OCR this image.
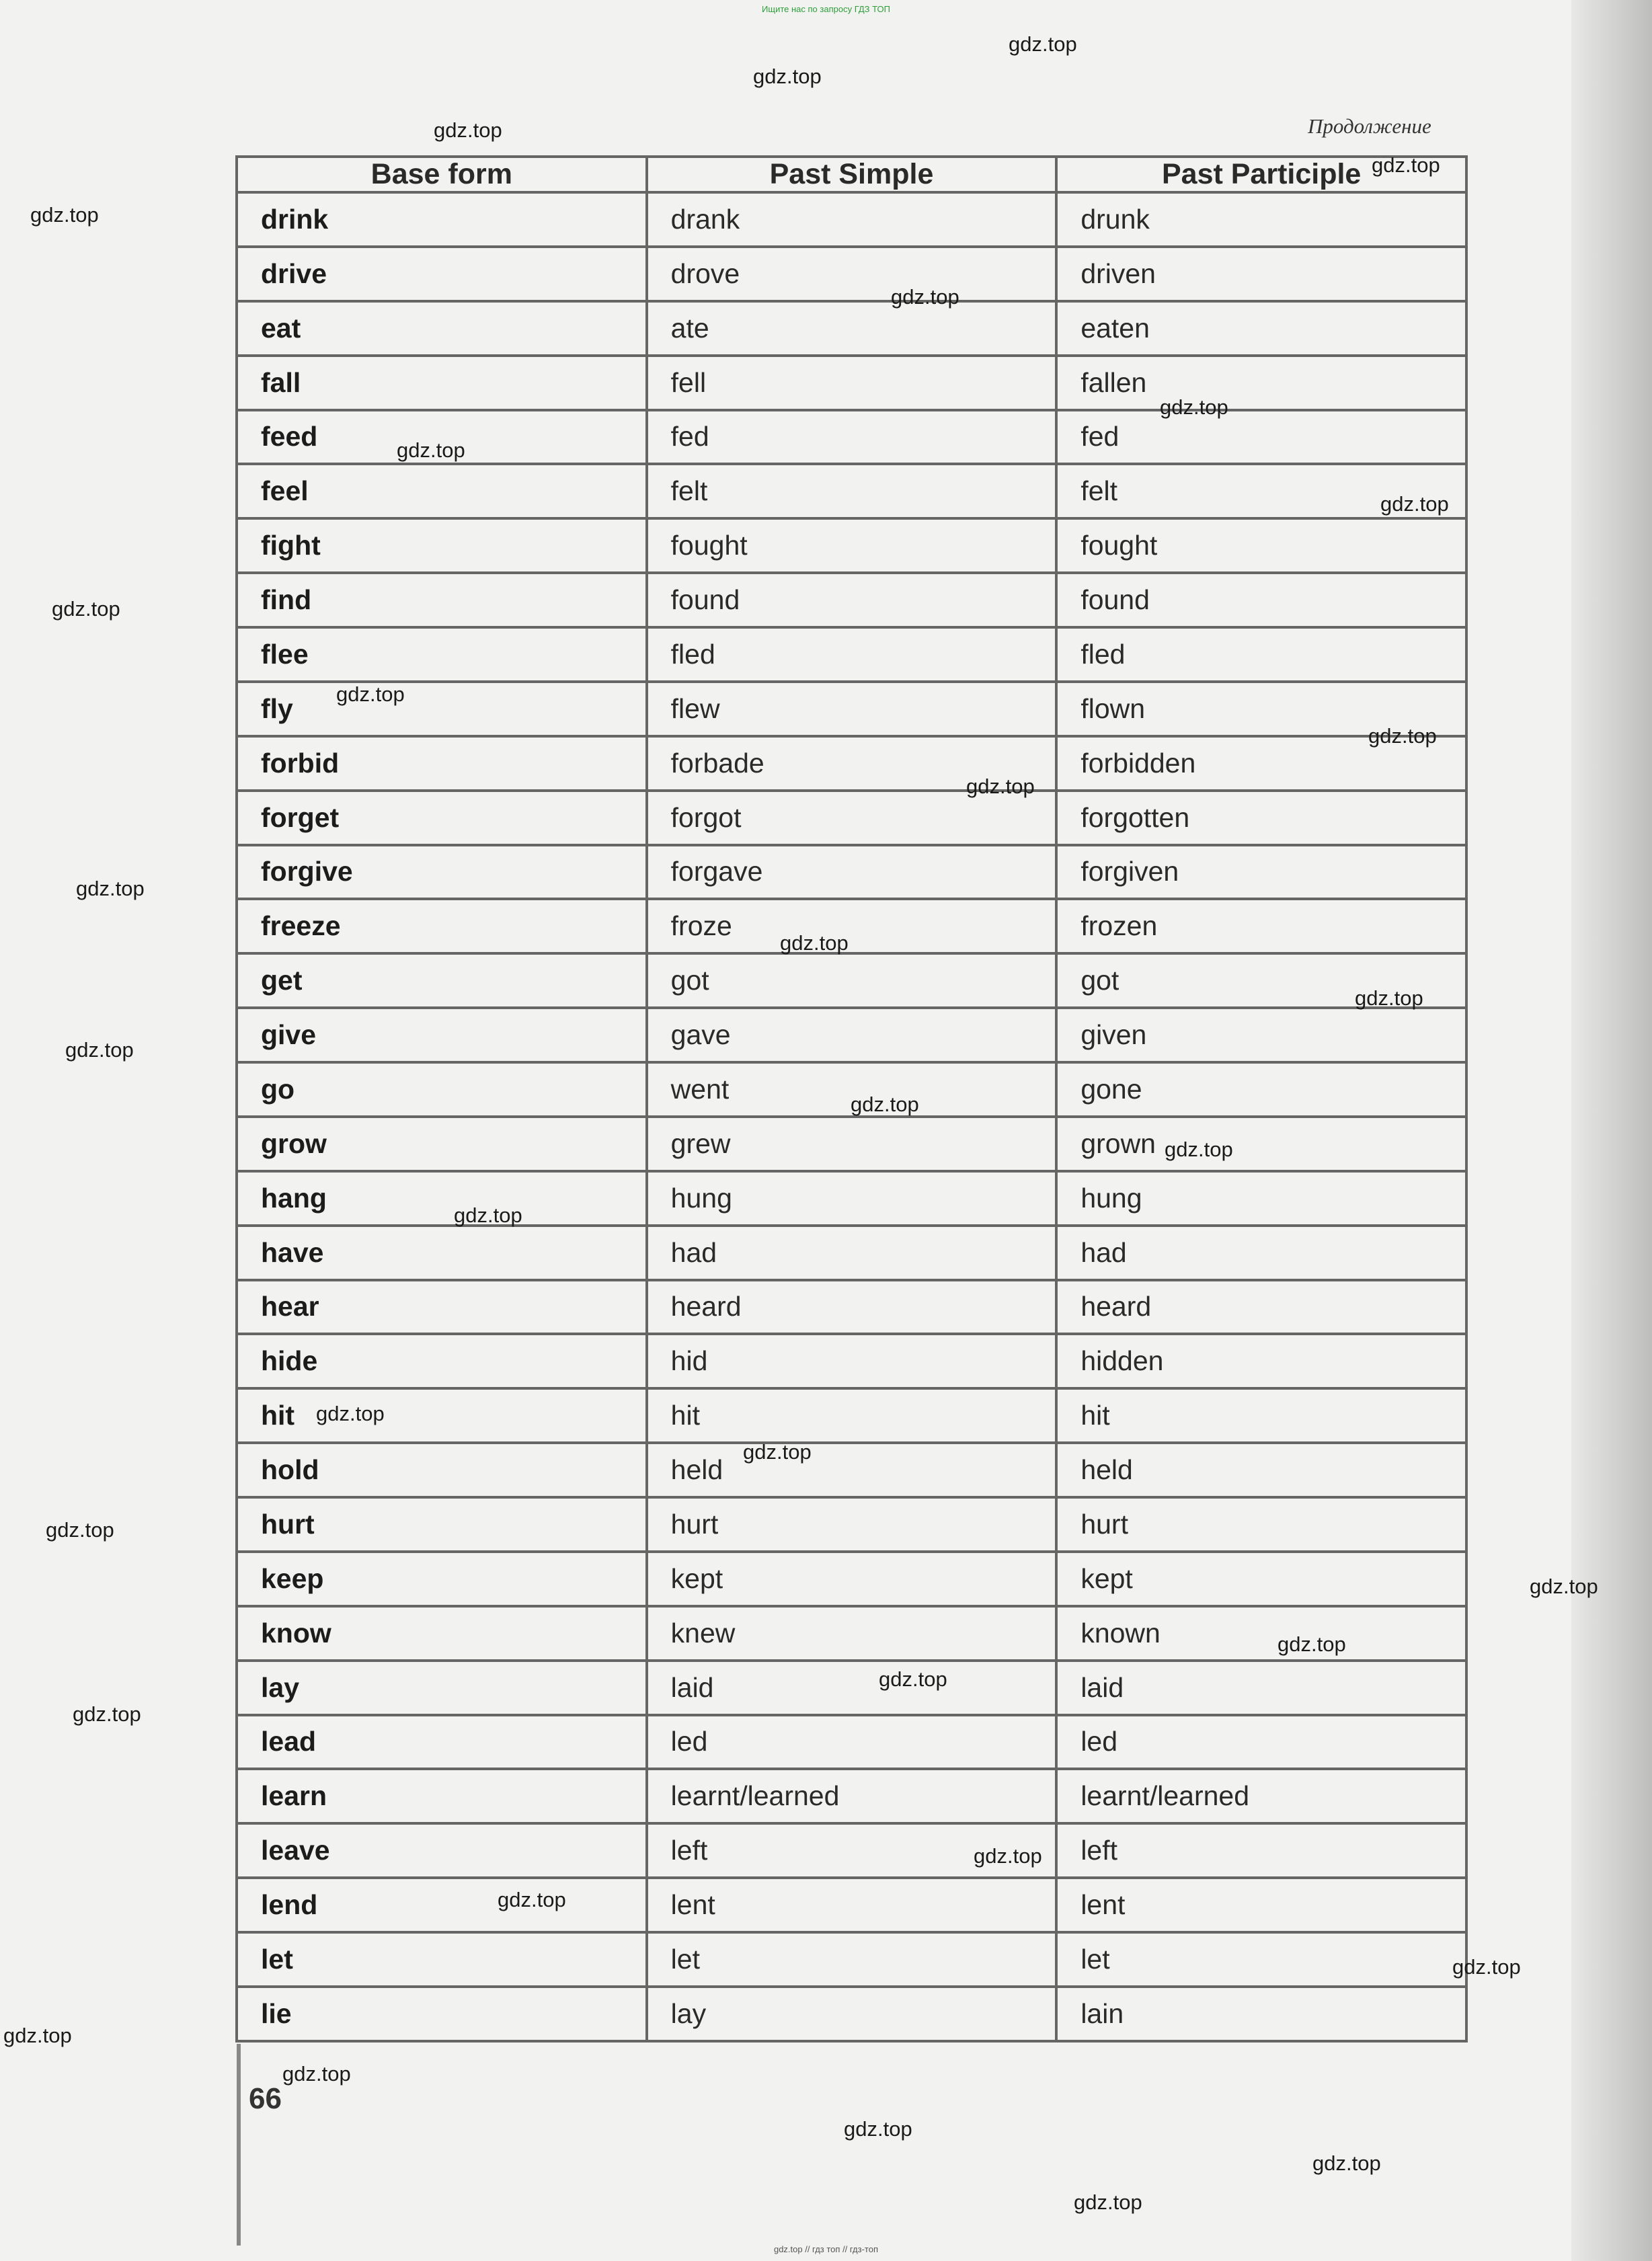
Ищите нас по запросу ГДЗ ТОП
Продолжение
Base form	Past Simple	Past Participle
drink	drank	drunk
drive	drove	driven
eat	ate	eaten
fall	fell	fallen
feed	fed	fed
feel	felt	felt
fight	fought	fought
find	found	found
flee	fled	fled
fly	flew	flown
forbid	forbade	forbidden
forget	forgot	forgotten
forgive	forgave	forgiven
freeze	froze	frozen
get	got	got
give	gave	given
go	went	gone
grow	grew	grown
hang	hung	hung
have	had	had
hear	heard	heard
hide	hid	hidden
hit	hit	hit
hold	held	held
hurt	hurt	hurt
keep	kept	kept
know	knew	known
lay	laid	laid
lead	led	led
learn	learnt/learned	learnt/learned
leave	left	left
lend	lent	lent
let	let	let
lie	lay	lain
66
gdz.top
gdz.top
gdz.top
gdz.top
gdz.top
gdz.top
gdz.top
gdz.top
gdz.top
gdz.top
gdz.top
gdz.top
gdz.top
gdz.top
gdz.top
gdz.top
gdz.top
gdz.top
gdz.top
gdz.top
gdz.top
gdz.top
gdz.top
gdz.top
gdz.top
gdz.top
gdz.top
gdz.top
gdz.top
gdz.top
gdz.top
gdz.top
gdz.top
gdz.top
gdz.top
gdz.top // гдз топ // гдз-топ
